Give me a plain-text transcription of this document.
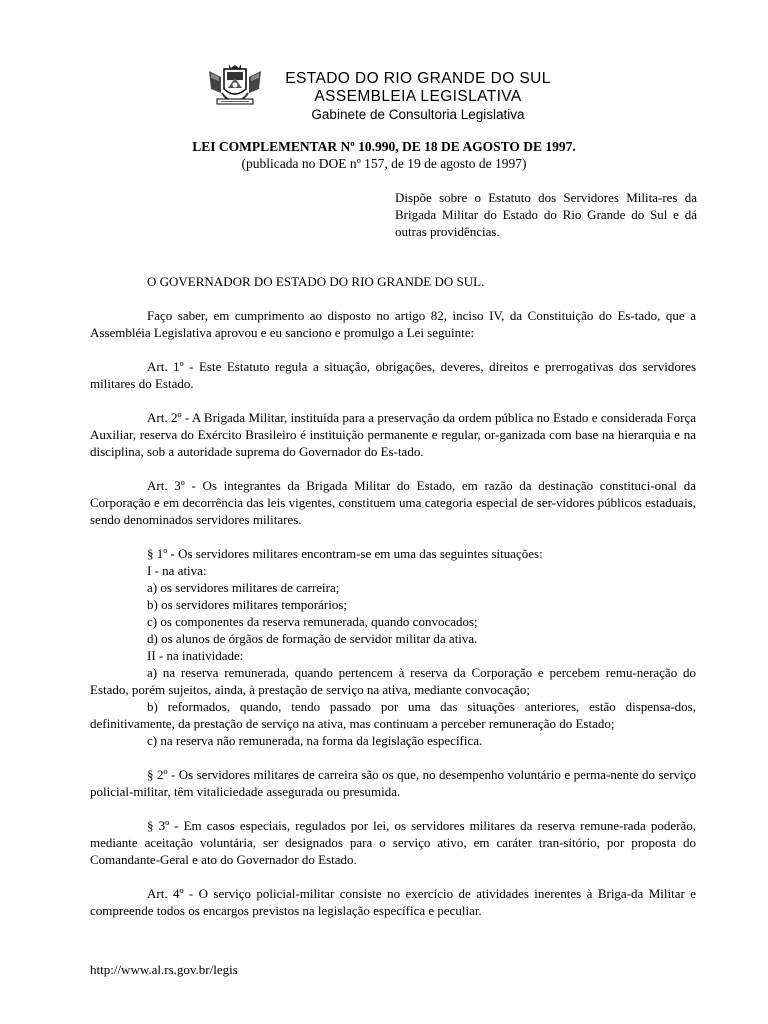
ESTADO DO RIO GRANDE DO SUL
ASSEMBLEIA LEGISLATIVA
Gabinete de Consultoria Legislativa
LEI COMPLEMENTAR Nº 10.990, DE 18 DE AGOSTO DE 1997.
(publicada no DOE nº 157, de 19 de agosto de 1997)
Dispõe sobre o Estatuto dos Servidores Milita-res da Brigada Militar do Estado do Rio Grande do Sul e dá outras providências.

O GOVERNADOR DO ESTADO DO RIO GRANDE DO SUL.

Faço saber, em cumprimento ao disposto no artigo 82, inciso IV, da Constituição do Es-tado, que a Assembléia Legislativa aprovou e eu sanciono e promulgo a Lei seguinte:

Art. 1º - Este Estatuto regula a situação, obrigações, deveres, direitos e prerrogativas dos servidores militares do Estado.

Art. 2º - A Brigada Militar, instituída para a preservação da ordem pública no Estado e considerada Força Auxiliar, reserva do Exército Brasileiro é instituição permanente e regular, or-ganizada com base na hierarquia e na disciplina, sob a autoridade suprema do Governador do Es-tado.

Art. 3º - Os integrantes da Brigada Militar do Estado, em razão da destinação constituci-onal da Corporação e em decorrência das leis vigentes, constituem uma categoria especial de ser-vidores públicos estaduais, sendo denominados servidores militares.

§ 1º - Os servidores militares encontram-se em uma das seguintes situações:

I - na ativa:

a) os servidores militares de carreira;

b) os servidores militares temporários;

c) os componentes da reserva remunerada, quando convocados;

d) os alunos de órgãos de formação de servidor militar da ativa.

II - na inatividade:

a) na reserva remunerada, quando pertencem à reserva da Corporação e percebem remu-neração do Estado, porém sujeitos, ainda, à prestação de serviço na ativa, mediante convocação;

b) reformados, quando, tendo passado por uma das situações anteriores, estão dispensa-dos, definitivamente, da prestação de serviço na ativa, mas continuam a perceber remuneração do Estado;

c) na reserva não remunerada, na forma da legislação específica.

§ 2º - Os servidores militares de carreira são os que, no desempenho voluntário e perma-nente do serviço policial-militar, têm vitaliciedade assegurada ou presumida.

§ 3º - Em casos especiais, regulados por lei, os servidores militares da reserva remune-rada poderão, mediante aceitação voluntária, ser designados para o serviço ativo, em caráter tran-sitório, por proposta do Comandante-Geral e ato do Governador do Estado.

Art. 4º - O serviço policial-militar consiste no exercício de atividades inerentes à Briga-da Militar e compreende todos os encargos previstos na legislação específica e peculiar.

http://www.al.rs.gov.br/legis
